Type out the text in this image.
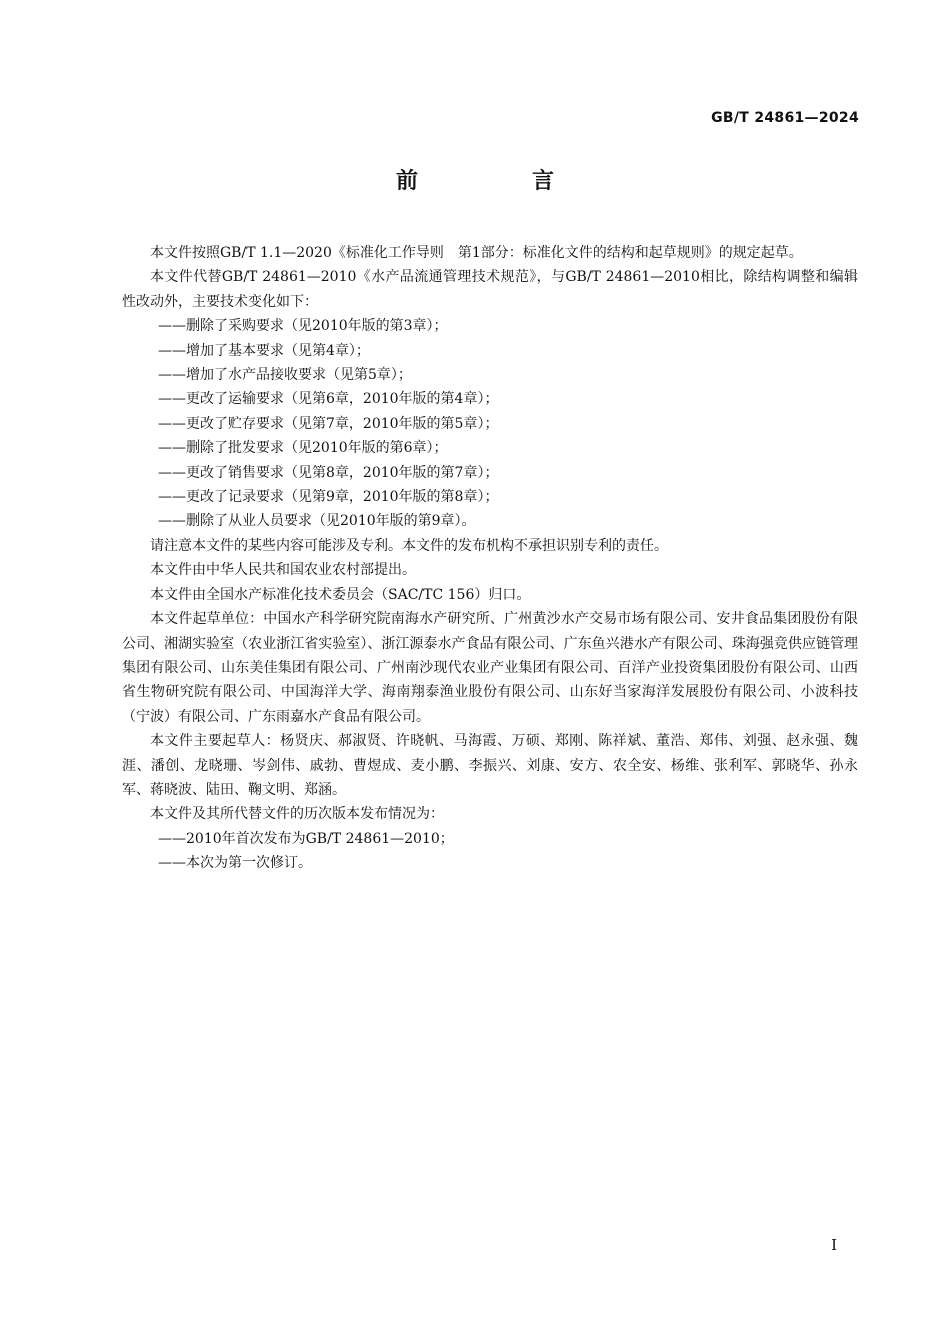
GB/T 24861—2024
前　言
本文件按照GB/T 1.1—2020《标准化工作导则　第1部分：标准化文件的结构和起草规则》的规定起草。
本文件代替GB/T 24861—2010《水产品流通管理技术规范》，与GB/T 24861—2010相比，除结构调整和编辑性改动外，主要技术变化如下：
——删除了采购要求（见2010年版的第3章）；
——增加了基本要求（见第4章）；
——增加了水产品接收要求（见第5章）；
——更改了运输要求（见第6章，2010年版的第4章）；
——更改了贮存要求（见第7章，2010年版的第5章）；
——删除了批发要求（见2010年版的第6章）；
——更改了销售要求（见第8章，2010年版的第7章）；
——更改了记录要求（见第9章，2010年版的第8章）；
——删除了从业人员要求（见2010年版的第9章）。
请注意本文件的某些内容可能涉及专利。本文件的发布机构不承担识别专利的责任。
本文件由中华人民共和国农业农村部提出。
本文件由全国水产标准化技术委员会（SAC/TC 156）归口。
本文件起草单位：中国水产科学研究院南海水产研究所、广州黄沙水产交易市场有限公司、安井食品集团股份有限公司、湘湖实验室（农业浙江省实验室）、浙江源泰水产食品有限公司、广东鱼兴港水产有限公司、珠海强竞供应链管理集团有限公司、山东美佳集团有限公司、广州南沙现代农业产业集团有限公司、百洋产业投资集团股份有限公司、山西省生物研究院有限公司、中国海洋大学、海南翔泰渔业股份有限公司、山东好当家海洋发展股份有限公司、小波科技（宁波）有限公司、广东雨嘉水产食品有限公司。
本文件主要起草人：杨贤庆、郝淑贤、许晓帆、马海霞、万硕、郑刚、陈祥斌、董浩、郑伟、刘强、赵永强、魏涯、潘创、龙晓珊、岑剑伟、戚勃、曹煜成、麦小鹏、李振兴、刘康、安方、农全安、杨维、张利军、郭晓华、孙永军、蒋晓波、陆田、鞠文明、郑涵。
本文件及其所代替文件的历次版本发布情况为：
——2010年首次发布为GB/T 24861—2010；
——本次为第一次修订。
I
